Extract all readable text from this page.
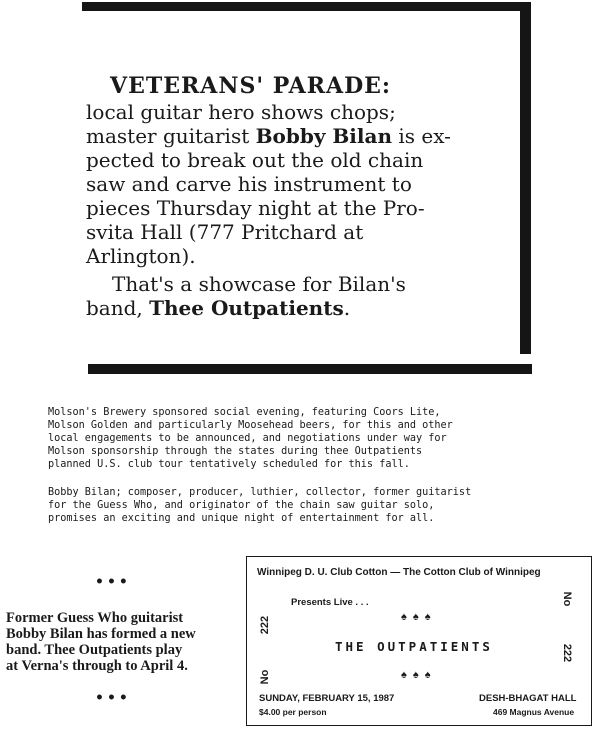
VETERANS' PARADE:

local guitar hero shows chops;

master guitarist Bobby Bilan is ex-

pected to break out the old chain

saw and carve his instrument to

pieces Thursday night at the Pro-

svita Hall (777 Pritchard at

Arlington).

That's a showcase for Bilan's

band, Thee Outpatients.

Molson's Brewery sponsored social evening, featuring Coors Lite,

Molson Golden and particularly Moosehead beers, for this and other

local engagements to be announced, and negotiations under way for

Molson sponsorship through the states during thee Outpatients

planned U.S. club tour tentatively scheduled for this fall.

Bobby Bilan; composer, producer, luthier, collector, former guitarist

for the Guess Who, and originator of the chain saw guitar solo,

promises an exciting and unique night of entertainment for all.

•••

Former Guess Who guitarist

Bobby Bilan has formed a new

band. Thee Outpatients play

at Verna's through to April 4.

•••
Winnipeg D. U. Club Cotton — The Cotton Club of Winnipeg
Presents Live . . .
222
No
No
222
♠♠♠
THE OUTPATIENTS
♠♠♠
SUNDAY, FEBRUARY 15, 1987
$4.00 per person
DESH-BHAGAT HALL
469 Magnus Avenue
